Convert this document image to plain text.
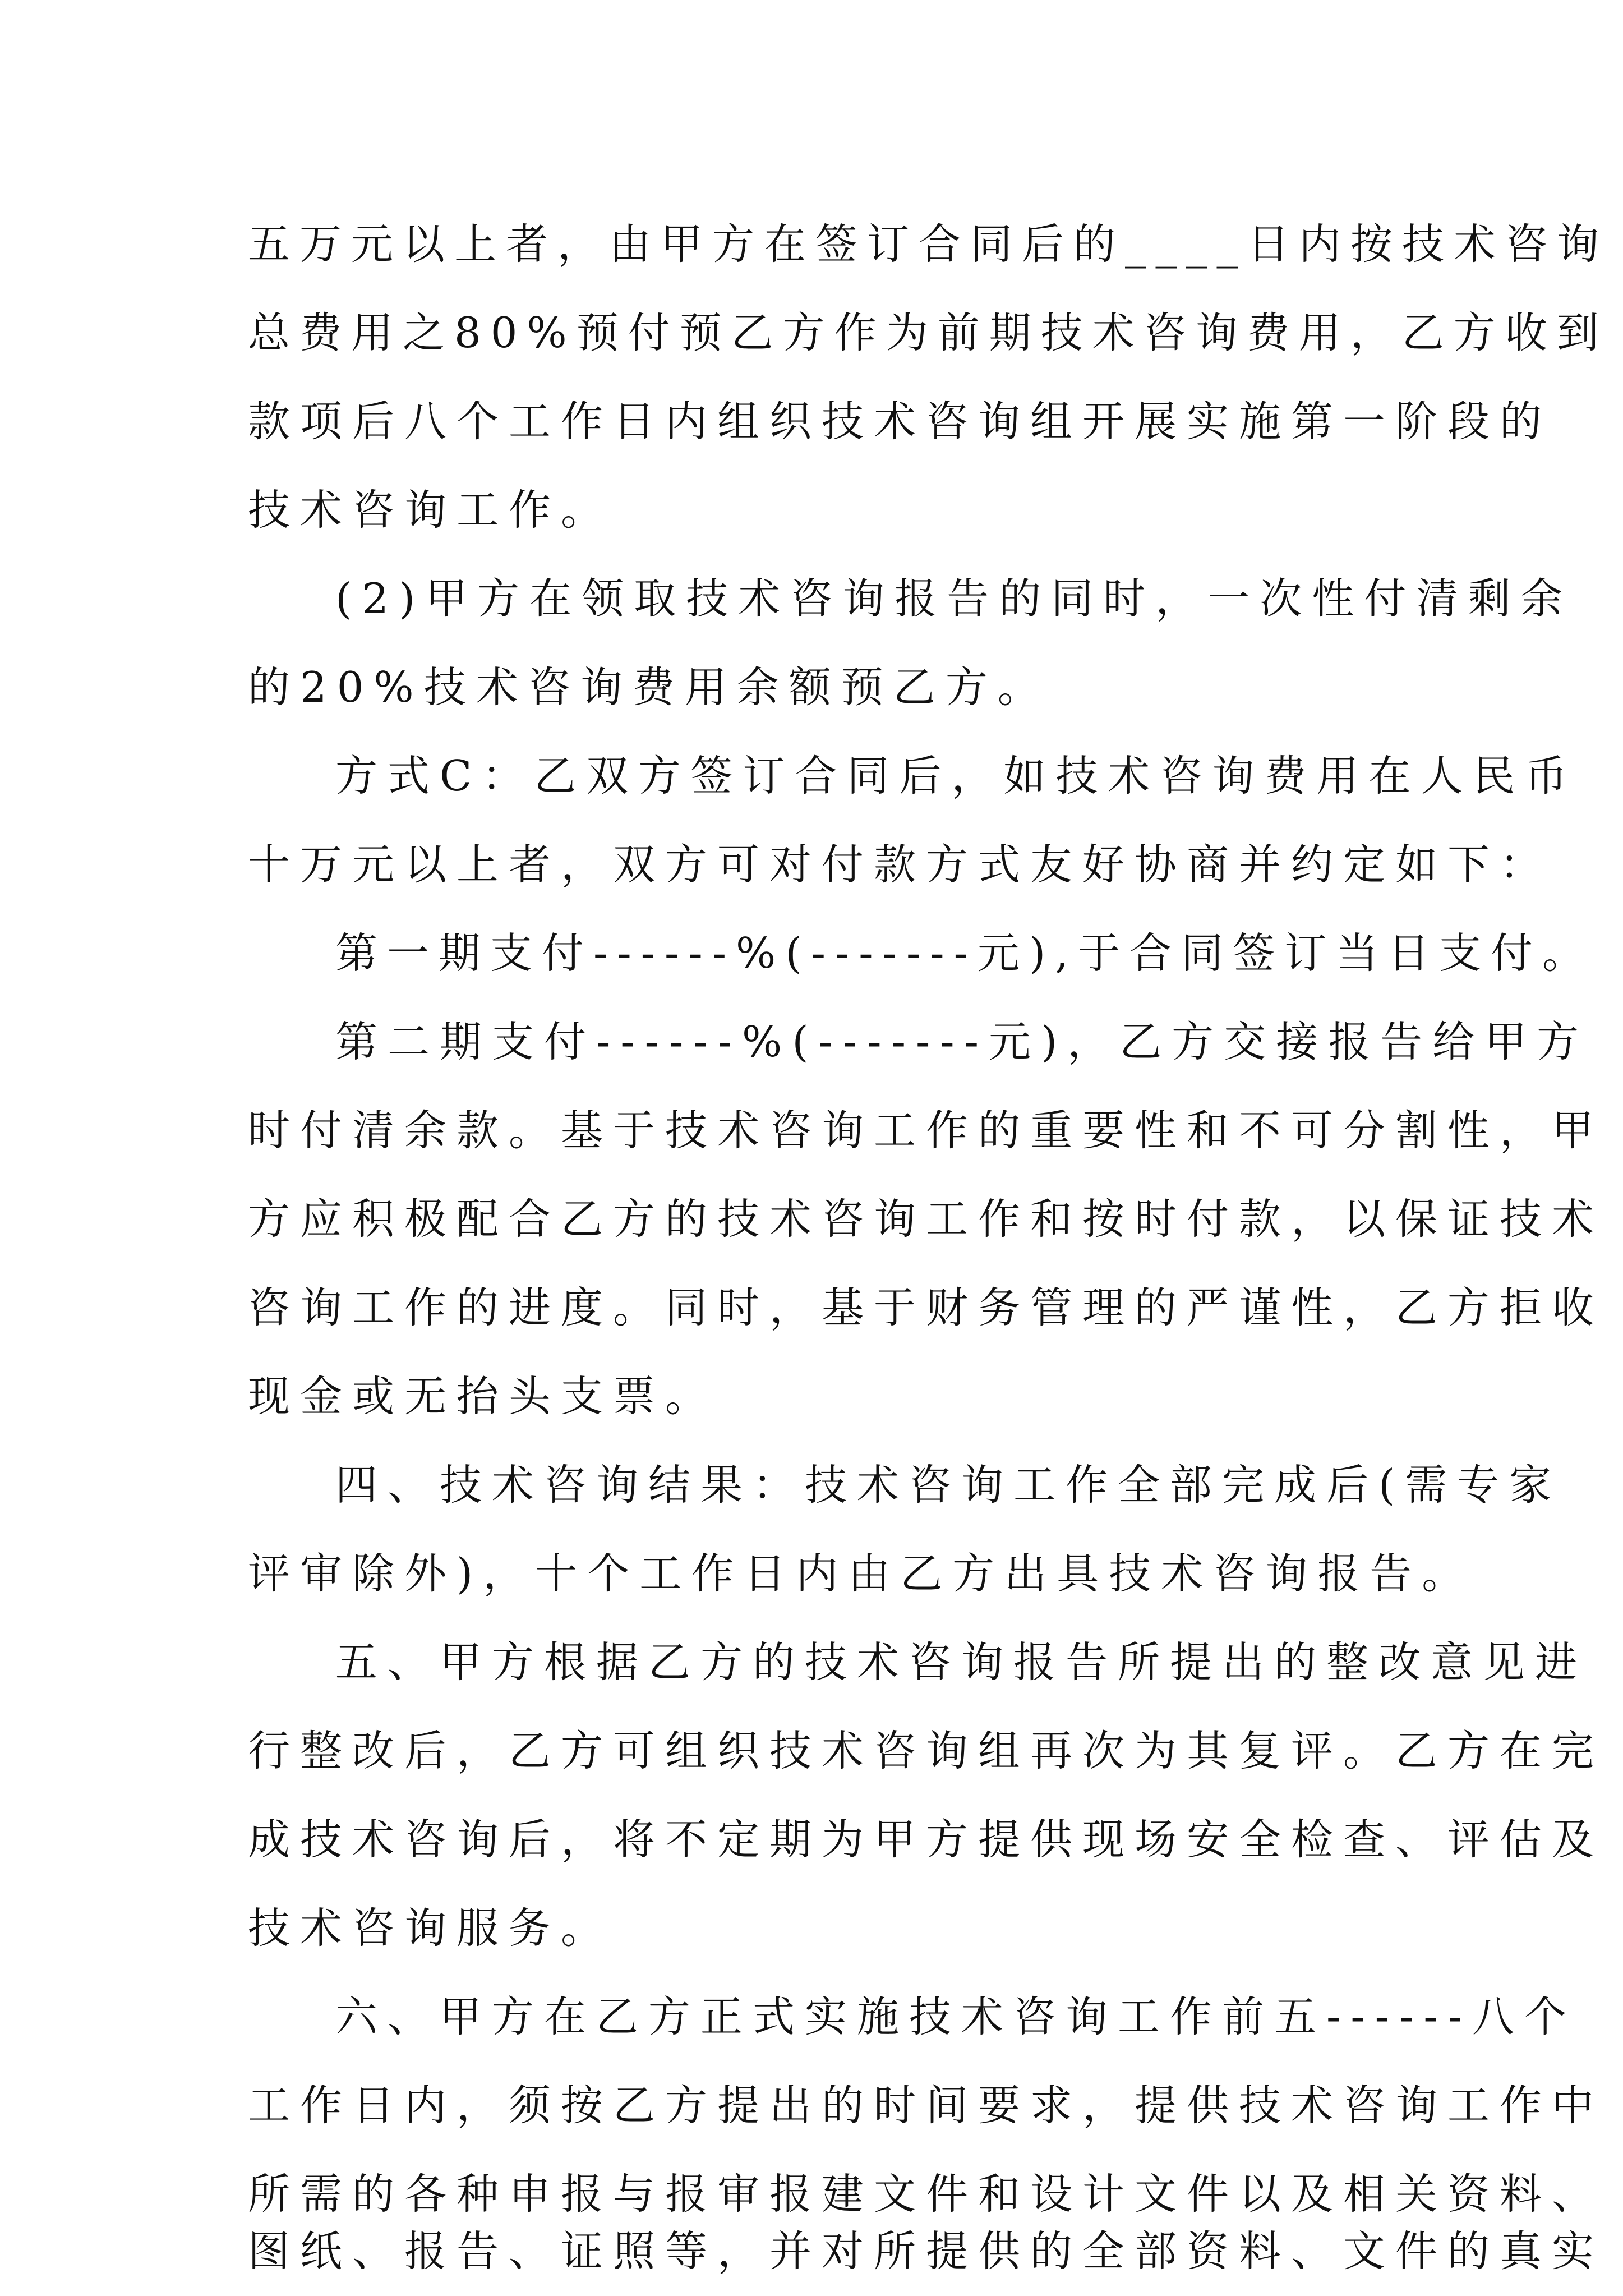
五万元以上者，由甲方在签订合同后的____日内按技术咨询

总费用之80%预付预乙方作为前期技术咨询费用，乙方收到

款项后八个工作日内组织技术咨询组开展实施第一阶段的

技术咨询工作。

(2)甲方在领取技术咨询报告的同时，一次性付清剩余

的20%技术咨询费用余额预乙方。

方式C：乙双方签订合同后，如技术咨询费用在人民币

十万元以上者，双方可对付款方式友好协商并约定如下：

第一期支付------%(-------元),于合同签订当日支付。

第二期支付------%(-------元)，乙方交接报告给甲方

时付清余款。基于技术咨询工作的重要性和不可分割性，甲

方应积极配合乙方的技术咨询工作和按时付款，以保证技术

咨询工作的进度。同时，基于财务管理的严谨性，乙方拒收

现金或无抬头支票。

四、技术咨询结果：技术咨询工作全部完成后(需专家

评审除外)，十个工作日内由乙方出具技术咨询报告。

五、甲方根据乙方的技术咨询报告所提出的整改意见进

行整改后，乙方可组织技术咨询组再次为其复评。乙方在完

成技术咨询后，将不定期为甲方提供现场安全检查、评估及

技术咨询服务。

六、甲方在乙方正式实施技术咨询工作前五------八个

工作日内，须按乙方提出的时间要求，提供技术咨询工作中

所需的各种申报与报审报建文件和设计文件以及相关资料、

图纸、报告、证照等，并对所提供的全部资料、文件的真实
